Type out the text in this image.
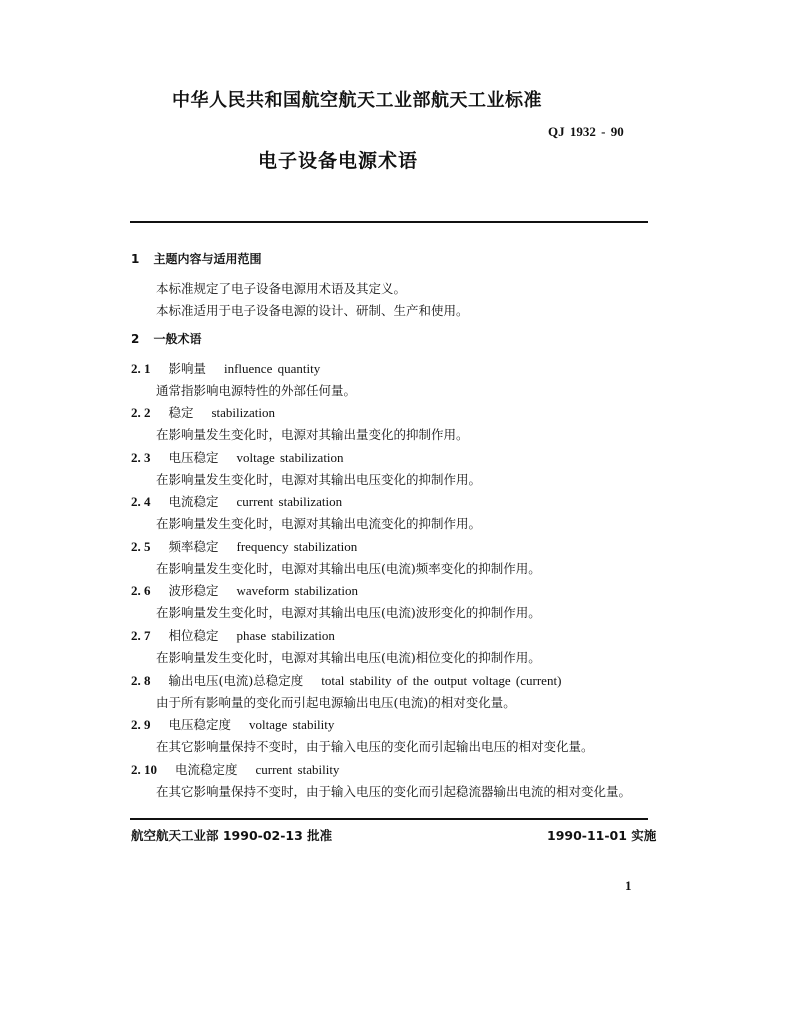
中华人民共和国航空航天工业部航天工业标准
QJ 1932 - 90
电子设备电源术语
1 主题内容与适用范围
本标准规定了电子设备电源用术语及其定义。
本标准适用于电子设备电源的设计、研制、生产和使用。
2 一般术语
2. 1 影响量 influence quantity
通常指影响电源特性的外部任何量。
2. 2 稳定 stabilization
在影响量发生变化时，电源对其输出量变化的抑制作用。
2. 3 电压稳定 voltage stabilization
在影响量发生变化时，电源对其输出电压变化的抑制作用。
2. 4 电流稳定 current stabilization
在影响量发生变化时，电源对其输出电流变化的抑制作用。
2. 5 频率稳定 frequency stabilization
在影响量发生变化时，电源对其输出电压(电流)频率变化的抑制作用。
2. 6 波形稳定 waveform stabilization
在影响量发生变化时，电源对其输出电压(电流)波形变化的抑制作用。
2. 7 相位稳定 phase stabilization
在影响量发生变化时，电源对其输出电压(电流)相位变化的抑制作用。
2. 8 输出电压(电流)总稳定度 total stability of the output voltage (current)
由于所有影响量的变化而引起电源输出电压(电流)的相对变化量。
2. 9 电压稳定度 voltage stability
在其它影响量保持不变时，由于输入电压的变化而引起输出电压的相对变化量。
2. 10 电流稳定度 current stability
在其它影响量保持不变时，由于输入电压的变化而引起稳流器输出电流的相对变化量。
航空航天工业部 1990-02-13 批准	1990-11-01 实施
1
